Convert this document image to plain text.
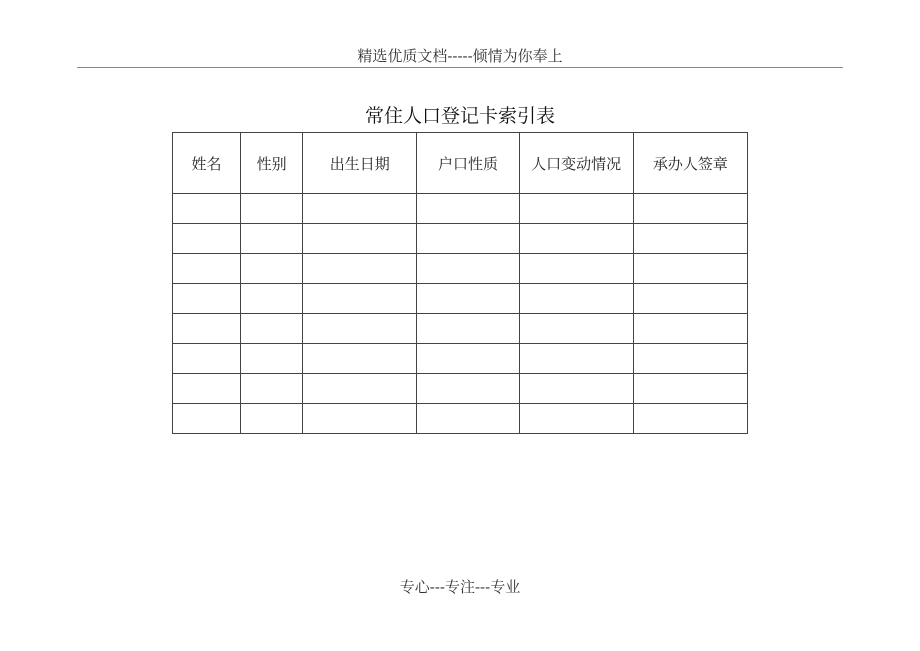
精选优质文档-----倾情为你奉上
常住人口登记卡索引表
姓名	性别	出生日期	户口性质	人口变动情况	承办人签章

专心---专注---专业
